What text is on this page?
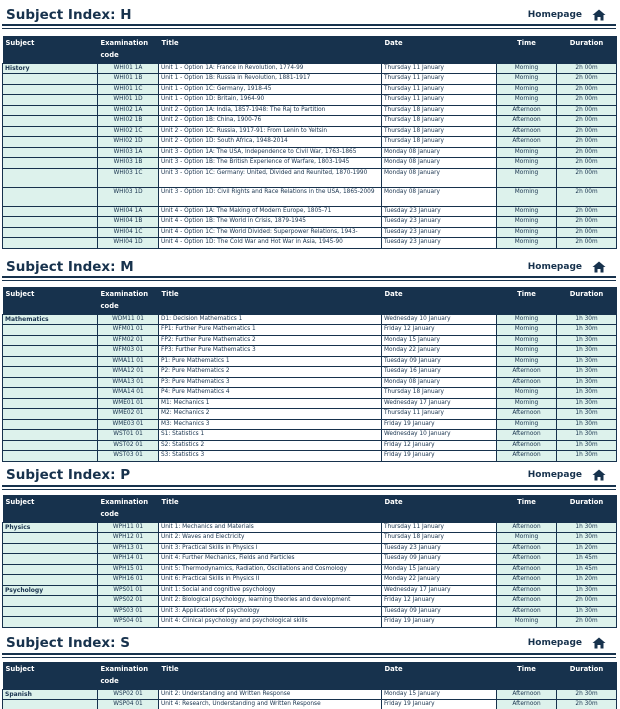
Subject Index: H	Homepage
Subject	Examination code	Title	Date	Time	Duration
History	WHI01 1A	Unit 1 - Option 1A: France in Revolution, 1774-99	Thursday 11 January	Morning	2h 00m
	WHI01 1B	Unit 1 - Option 1B: Russia in Revolution, 1881-1917	Thursday 11 January	Morning	2h 00m
	WHI01 1C	Unit 1 - Option 1C: Germany, 1918-45	Thursday 11 January	Morning	2h 00m
	WHI01 1D	Unit 1 - Option 1D: Britain, 1964-90	Thursday 11 January	Morning	2h 00m
	WHI02 1A	Unit 2 - Option 1A: India, 1857-1948: The Raj to Partition	Thursday 18 January	Afternoon	2h 00m
	WHI02 1B	Unit 2 - Option 1B: China, 1900-76	Thursday 18 January	Afternoon	2h 00m
	WHI02 1C	Unit 2 - Option 1C: Russia, 1917-91: From Lenin to Yeltsin	Thursday 18 January	Afternoon	2h 00m
	WHI02 1D	Unit 2 - Option 1D: South Africa, 1948-2014	Thursday 18 January	Afternoon	2h 00m
	WHI03 1A	Unit 3 - Option 1A: The USA, Independence to Civil War, 1763-1865	Monday 08 January	Morning	2h 00m
	WHI03 1B	Unit 3 - Option 1B: The British Experience of Warfare, 1803-1945	Monday 08 January	Morning	2h 00m
	WHI03 1C	Unit 3 - Option 1C: Germany: United, Divided and Reunited, 1870-1990	Monday 08 January	Morning	2h 00m
	WHI03 1D	Unit 3 - Option 1D: Civil Rights and Race Relations in the USA, 1865-2009	Monday 08 January	Morning	2h 00m
	WHI04 1A	Unit 4 - Option 1A: The Making of Modern Europe, 1805-71	Tuesday 23 January	Morning	2h 00m
	WHI04 1B	Unit 4 - Option 1B: The World in Crisis, 1879-1945	Tuesday 23 January	Morning	2h 00m
	WHI04 1C	Unit 4 - Option 1C: The World Divided: Superpower Relations, 1943-	Tuesday 23 January	Morning	2h 00m
	WHI04 1D	Unit 4 - Option 1D: The Cold War and Hot War in Asia, 1945-90	Tuesday 23 January	Morning	2h 00m
Subject Index: M	Homepage
Subject	Examination code	Title	Date	Time	Duration
Mathematics	WDM11 01	D1: Decision Mathematics 1	Wednesday 10 January	Morning	1h 30m
	WFM01 01	FP1: Further Pure Mathematics 1	Friday 12 January	Morning	1h 30m
	WFM02 01	FP2: Further Pure Mathematics 2	Monday 15 January	Morning	1h 30m
	WFM03 01	FP3: Further Pure Mathematics 3	Monday 22 January	Morning	1h 30m
	WMA11 01	P1: Pure Mathematics 1	Tuesday 09 January	Morning	1h 30m
	WMA12 01	P2: Pure Mathematics 2	Tuesday 16 January	Afternoon	1h 30m
	WMA13 01	P3: Pure Mathematics 3	Monday 08 January	Afternoon	1h 30m
	WMA14 01	P4: Pure Mathematics 4	Thursday 18 January	Morning	1h 30m
	WME01 01	M1: Mechanics 1	Wednesday 17 January	Morning	1h 30m
	WME02 01	M2: Mechanics 2	Thursday 11 January	Afternoon	1h 30m
	WME03 01	M3: Mechanics 3	Friday 19 January	Morning	1h 30m
	WST01 01	S1: Statistics 1	Wednesday 10 January	Afternoon	1h 30m
	WST02 01	S2: Statistics 2	Friday 12 January	Afternoon	1h 30m
	WST03 01	S3: Statistics 3	Friday 19 January	Afternoon	1h 30m
Subject Index: P	Homepage
Subject	Examination code	Title	Date	Time	Duration
Physics	WPH11 01	Unit 1: Mechanics and Materials	Thursday 11 January	Afternoon	1h 30m
	WPH12 01	Unit 2: Waves and Electricity	Thursday 18 January	Morning	1h 30m
	WPH13 01	Unit 3: Practical Skills in Physics I	Tuesday 23 January	Afternoon	1h 20m
	WPH14 01	Unit 4: Further Mechanics, Fields and Particles	Tuesday 09 January	Afternoon	1h 45m
	WPH15 01	Unit 5: Thermodynamics, Radiation, Oscillations and Cosmology	Monday 15 January	Afternoon	1h 45m
	WPH16 01	Unit 6: Practical Skills in Physics II	Monday 22 January	Afternoon	1h 20m
Psychology	WPS01 01	Unit 1: Social and cognitive psychology	Wednesday 17 January	Afternoon	1h 30m
	WPS02 01	Unit 2: Biological psychology, learning theories and development	Friday 12 January	Afternoon	2h 00m
	WPS03 01	Unit 3: Applications of psychology	Tuesday 09 January	Afternoon	1h 30m
	WPS04 01	Unit 4: Clinical psychology and psychological skills	Friday 19 January	Morning	2h 00m
Subject Index: S	Homepage
Subject	Examination code	Title	Date	Time	Duration
Spanish	WSP02 01	Unit 2: Understanding and Written Response	Monday 15 January	Afternoon	2h 30m
	WSP04 01	Unit 4: Research, Understanding and Written Response	Friday 19 January	Afternoon	2h 30m
